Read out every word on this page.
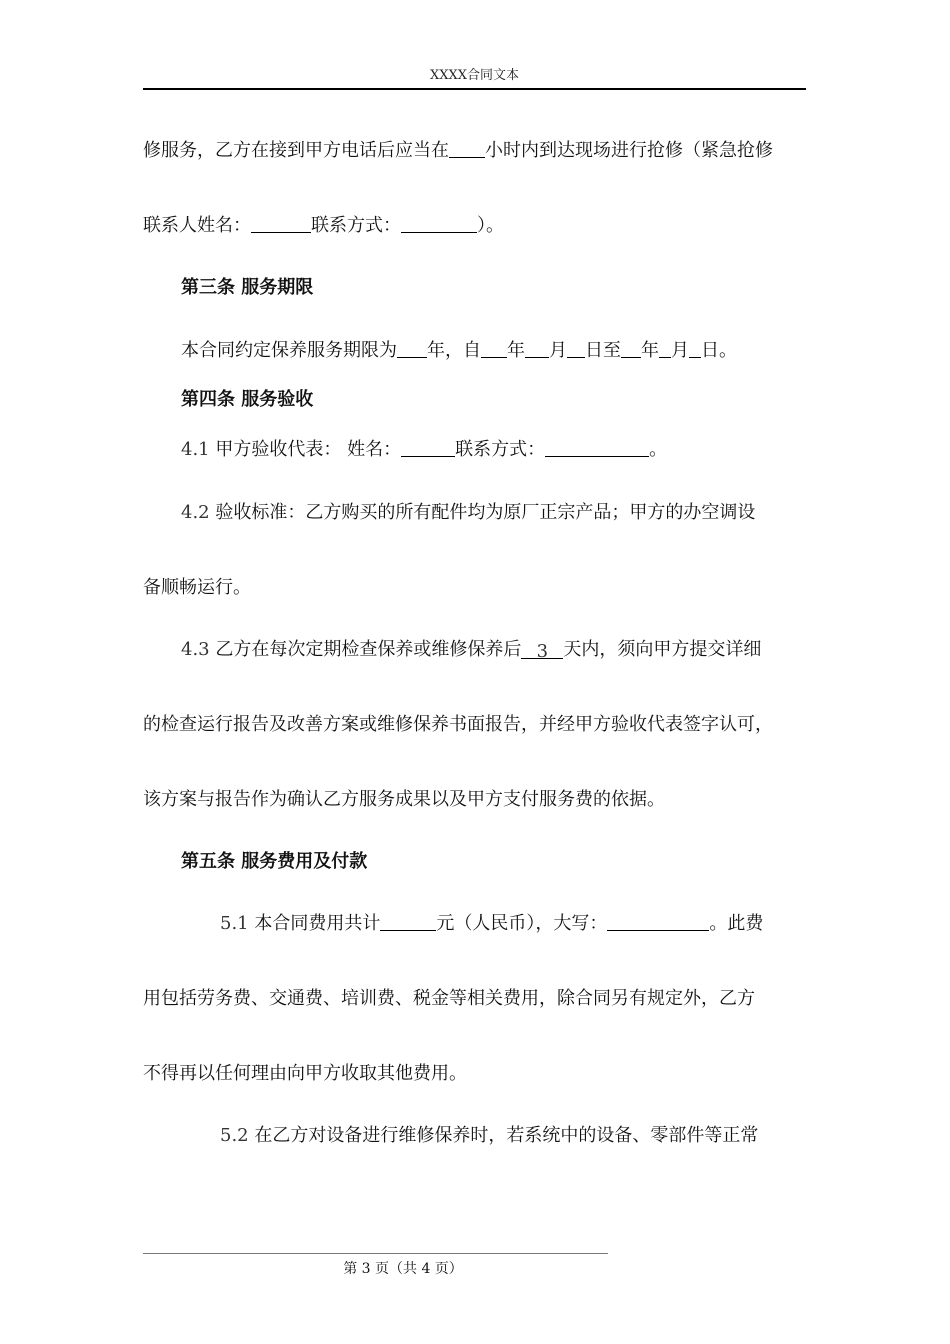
XXXX合同文本
修服务，乙方在接到甲方电话后应当在 小时内到达现场进行抢修（紧急抢修
联系人姓名：	联系方式：	）。
第三条 服务期限
本合同约定保养服务期限为 年，自 年 月 日至 年 月 日。
第四条 服务验收
4.1 甲方验收代表： 姓名：	联系方式：	。
4.2 验收标准：乙方购买的所有配件均为原厂正宗产品；甲方的办空调设
备顺畅运行。
4.3 乙方在每次定期检查保养或维修保养后 3 天内，须向甲方提交详细
的检查运行报告及改善方案或维修保养书面报告，并经甲方验收代表签字认可，
该方案与报告作为确认乙方服务成果以及甲方支付服务费的依据。
第五条 服务费用及付款
5.1 本合同费用共计	元（人民币），大写：	。此费
用包括劳务费、交通费、培训费、税金等相关费用，除合同另有规定外，乙方
不得再以任何理由向甲方收取其他费用。
5.2 在乙方对设备进行维修保养时，若系统中的设备、零部件等正常
第 3 页（共 4 页）
